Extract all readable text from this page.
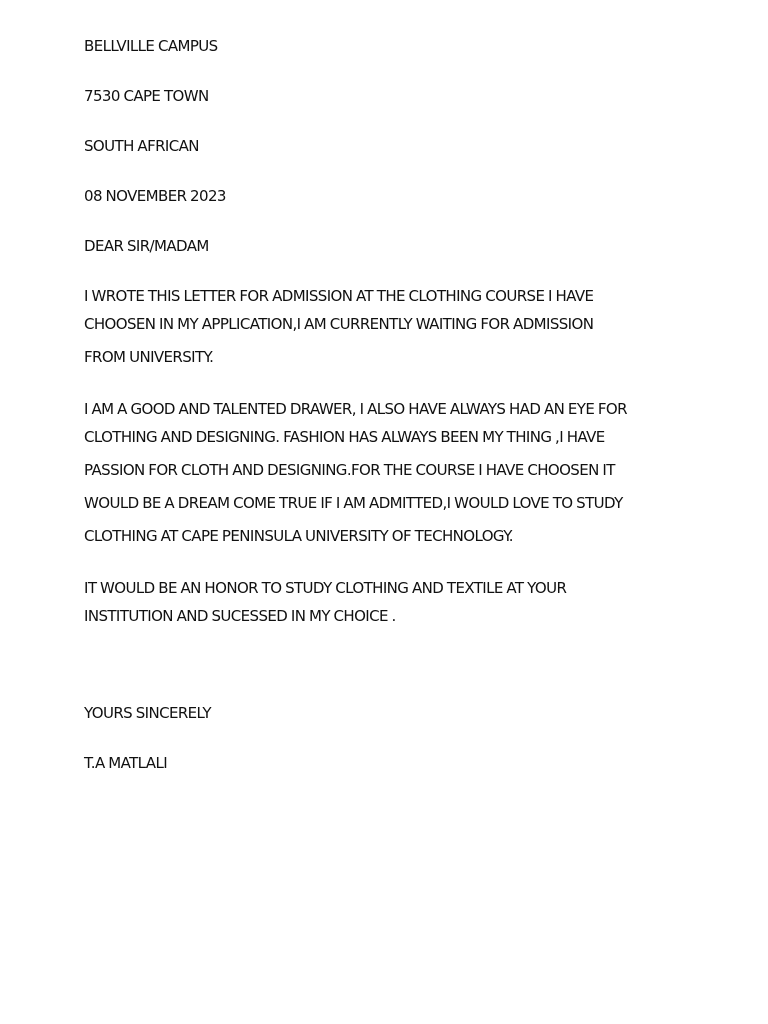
BELLVILLE CAMPUS
7530 CAPE TOWN
SOUTH AFRICAN
08 NOVEMBER 2023
DEAR SIR/MADAM
I WROTE THIS LETTER FOR ADMISSION AT THE CLOTHING COURSE I HAVE
CHOOSEN IN MY APPLICATION,I AM CURRENTLY WAITING FOR ADMISSION
FROM UNIVERSITY.
I AM A GOOD AND TALENTED DRAWER, I ALSO HAVE ALWAYS HAD AN EYE FOR
CLOTHING AND DESIGNING. FASHION HAS ALWAYS BEEN MY THING ,I HAVE
PASSION FOR CLOTH AND DESIGNING.FOR THE COURSE I HAVE CHOOSEN IT
WOULD BE A DREAM COME TRUE IF I AM ADMITTED,I WOULD LOVE TO STUDY
CLOTHING AT CAPE PENINSULA UNIVERSITY OF TECHNOLOGY.
IT WOULD BE AN HONOR TO STUDY CLOTHING AND TEXTILE AT YOUR
INSTITUTION AND SUCESSED IN MY CHOICE .
YOURS SINCERELY
T.A MATLALI
